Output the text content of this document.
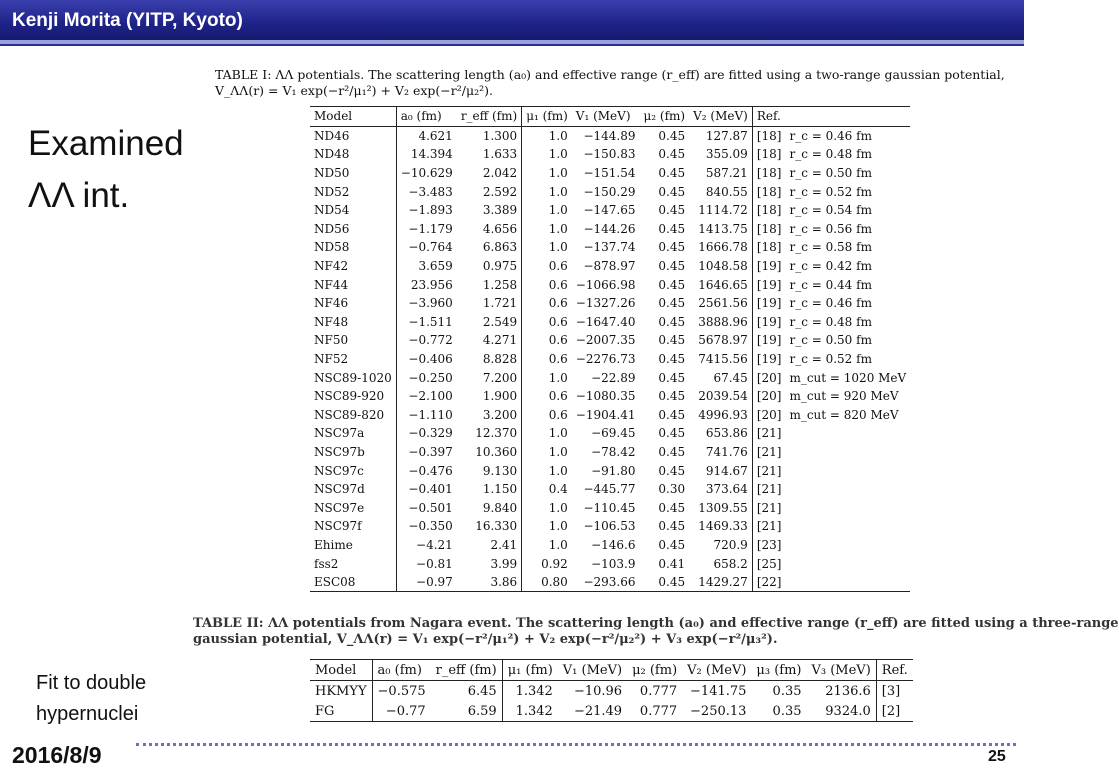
Kenji Morita (YITP, Kyoto)
Examined
ΛΛ int.
TABLE I: ΛΛ potentials. The scattering length (a₀) and effective range (r_eff) are fitted using a two-range gaussian potential,
V_ΛΛ(r) = V₁ exp(−r²/μ₁²) + V₂ exp(−r²/μ₂²).
Model	a₀ (fm)	r_eff (fm)	μ₁ (fm)	V₁ (MeV)	μ₂ (fm)	V₂ (MeV)	Ref.	
ND46	4.621	1.300	1.0	−144.89	0.45	127.87	[18]	r_c = 0.46 fm
ND48	14.394	1.633	1.0	−150.83	0.45	355.09	[18]	r_c = 0.48 fm
ND50	−10.629	2.042	1.0	−151.54	0.45	587.21	[18]	r_c = 0.50 fm
ND52	−3.483	2.592	1.0	−150.29	0.45	840.55	[18]	r_c = 0.52 fm
ND54	−1.893	3.389	1.0	−147.65	0.45	1114.72	[18]	r_c = 0.54 fm
ND56	−1.179	4.656	1.0	−144.26	0.45	1413.75	[18]	r_c = 0.56 fm
ND58	−0.764	6.863	1.0	−137.74	0.45	1666.78	[18]	r_c = 0.58 fm
NF42	3.659	0.975	0.6	−878.97	0.45	1048.58	[19]	r_c = 0.42 fm
NF44	23.956	1.258	0.6	−1066.98	0.45	1646.65	[19]	r_c = 0.44 fm
NF46	−3.960	1.721	0.6	−1327.26	0.45	2561.56	[19]	r_c = 0.46 fm
NF48	−1.511	2.549	0.6	−1647.40	0.45	3888.96	[19]	r_c = 0.48 fm
NF50	−0.772	4.271	0.6	−2007.35	0.45	5678.97	[19]	r_c = 0.50 fm
NF52	−0.406	8.828	0.6	−2276.73	0.45	7415.56	[19]	r_c = 0.52 fm
NSC89-1020	−0.250	7.200	1.0	−22.89	0.45	67.45	[20]	m_cut = 1020 MeV
NSC89-920	−2.100	1.900	0.6	−1080.35	0.45	2039.54	[20]	m_cut = 920 MeV
NSC89-820	−1.110	3.200	0.6	−1904.41	0.45	4996.93	[20]	m_cut = 820 MeV
NSC97a	−0.329	12.370	1.0	−69.45	0.45	653.86	[21]	
NSC97b	−0.397	10.360	1.0	−78.42	0.45	741.76	[21]	
NSC97c	−0.476	9.130	1.0	−91.80	0.45	914.67	[21]	
NSC97d	−0.401	1.150	0.4	−445.77	0.30	373.64	[21]	
NSC97e	−0.501	9.840	1.0	−110.45	0.45	1309.55	[21]	
NSC97f	−0.350	16.330	1.0	−106.53	0.45	1469.33	[21]	
Ehime	−4.21	2.41	1.0	−146.6	0.45	720.9	[23]	
fss2	−0.81	3.99	0.92	−103.9	0.41	658.2	[25]	
ESC08	−0.97	3.86	0.80	−293.66	0.45	1429.27	[22]	
TABLE II: ΛΛ potentials from Nagara event. The scattering length (a₀) and effective range (r_eff) are fitted using a three-range
gaussian potential, V_ΛΛ(r) = V₁ exp(−r²/μ₁²) + V₂ exp(−r²/μ₂²) + V₃ exp(−r²/μ₃²).
Model	a₀ (fm)	r_eff (fm)	μ₁ (fm)	V₁ (MeV)	μ₂ (fm)	V₂ (MeV)	μ₃ (fm)	V₃ (MeV)	Ref.
HKMYY	−0.575	6.45	1.342	−10.96	0.777	−141.75	0.35	2136.6	[3]
FG	−0.77	6.59	1.342	−21.49	0.777	−250.13	0.35	9324.0	[2]
Fit to double
hypernuclei
2016/8/9	25
